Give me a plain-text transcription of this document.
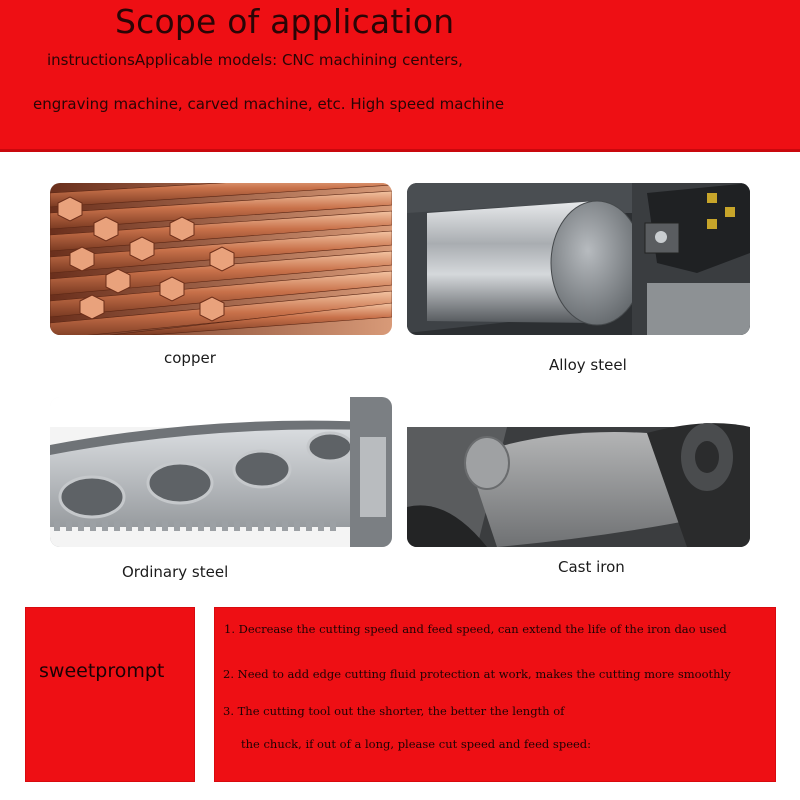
Scope of application
instructionsApplicable models: CNC machining centers,
engraving machine, carved machine, etc. High speed machine
copper	Alloy steel
Ordinary steel	Cast iron
sweetprompt
1. Decrease the cutting speed and feed speed, can extend the life of the iron dao used
2. Need to add edge cutting fluid protection at work, makes the cutting more smoothly
3. The cutting tool out the shorter, the better the length of
the chuck, if out of a long, please cut speed and feed speed:
